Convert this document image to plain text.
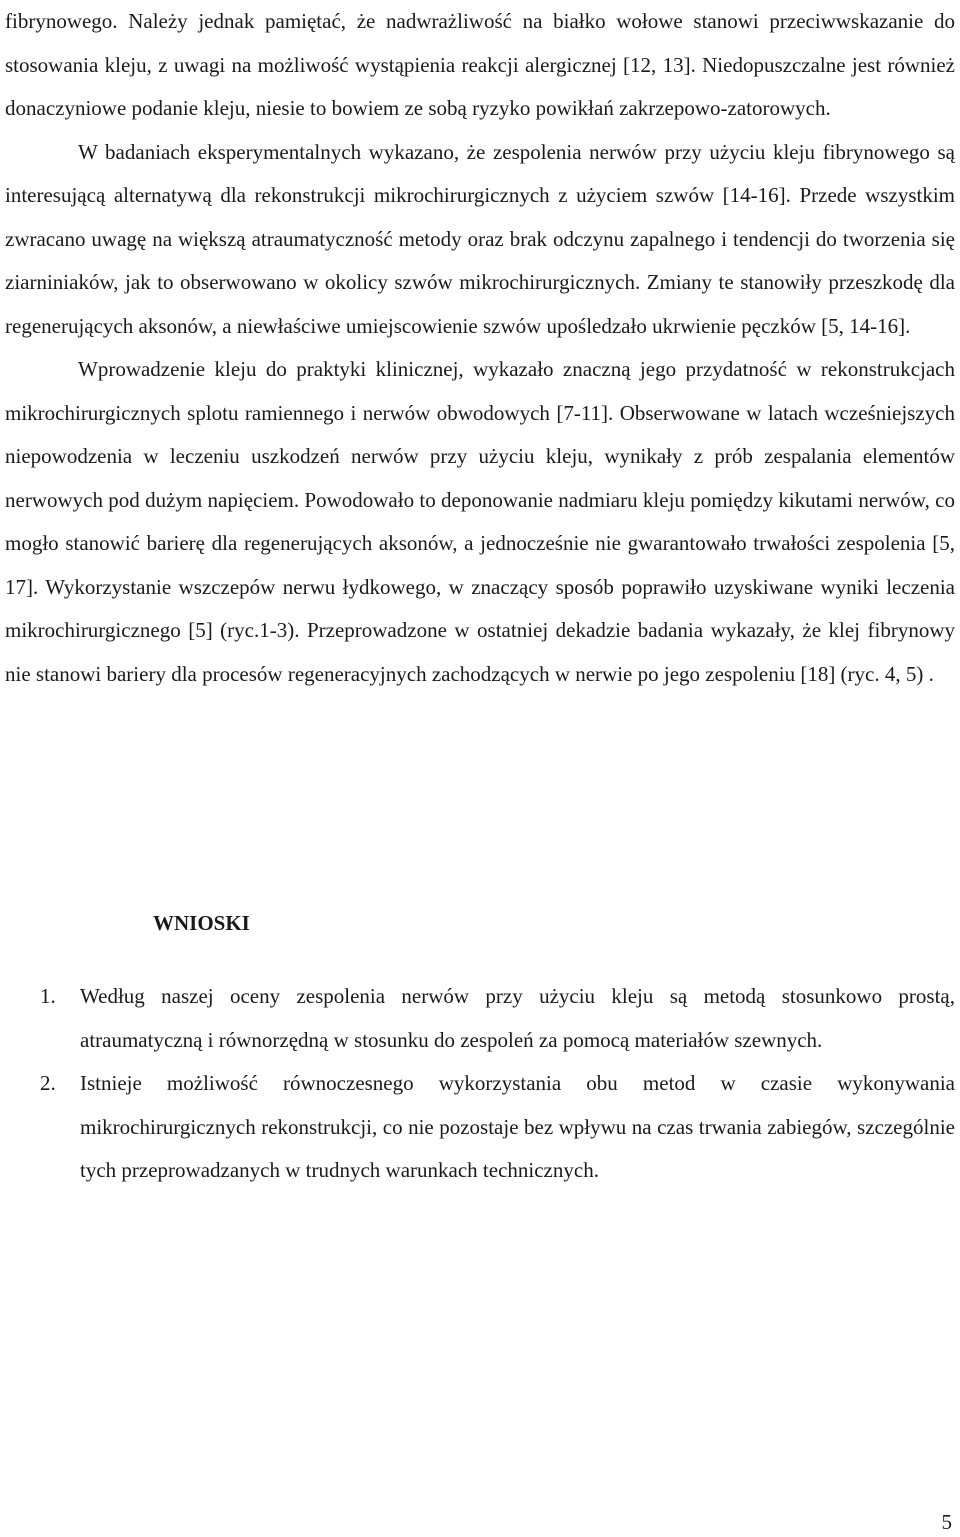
fibrynowego. Należy jednak pamiętać, że nadwrażliwość na białko wołowe stanowi przeciwwskazanie do stosowania kleju, z uwagi na możliwość wystąpienia reakcji alergicznej [12, 13]. Niedopuszczalne jest również donaczyniowe podanie kleju, niesie to bowiem ze sobą ryzyko powikłań zakrzepowo-zatorowych.

W badaniach eksperymentalnych wykazano, że zespolenia nerwów przy użyciu kleju fibrynowego są interesującą alternatywą dla rekonstrukcji mikrochirurgicznych z użyciem szwów [14-16]. Przede wszystkim zwracano uwagę na większą atraumatyczność metody oraz brak odczynu zapalnego i tendencji do tworzenia się ziarniniaków, jak to obserwowano w okolicy szwów mikrochirurgicznych. Zmiany te stanowiły przeszkodę dla regenerujących aksonów, a niewłaściwe umiejscowienie szwów upośledzało ukrwienie pęczków [5, 14-16].

Wprowadzenie kleju do praktyki klinicznej, wykazało znaczną jego przydatność w rekonstrukcjach mikrochirurgicznych splotu ramiennego i nerwów obwodowych [7-11]. Obserwowane w latach wcześniejszych niepowodzenia w leczeniu uszkodzeń nerwów przy użyciu kleju, wynikały z prób zespalania elementów nerwowych pod dużym napięciem. Powodowało to deponowanie nadmiaru kleju pomiędzy kikutami nerwów, co mogło stanowić barierę dla regenerujących aksonów, a jednocześnie nie gwarantowało trwałości zespolenia [5, 17]. Wykorzystanie wszczepów nerwu łydkowego, w znaczący sposób poprawiło uzyskiwane wyniki leczenia mikrochirurgicznego [5] (ryc.1-3). Przeprowadzone w ostatniej dekadzie badania wykazały, że klej fibrynowy nie stanowi bariery dla procesów regeneracyjnych zachodzących w nerwie po jego zespoleniu [18] (ryc. 4, 5) .

WNIOSKI
1. Według naszej oceny zespolenia nerwów przy użyciu kleju są metodą stosunkowo prostą, atraumatyczną i równorzędną w stosunku do zespoleń za pomocą materiałów szewnych.
2. Istnieje możliwość równoczesnego wykorzystania obu metod w czasie wykonywania mikrochirurgicznych rekonstrukcji, co nie pozostaje bez wpływu na czas trwania zabiegów, szczególnie tych przeprowadzanych w trudnych warunkach technicznych.
5
